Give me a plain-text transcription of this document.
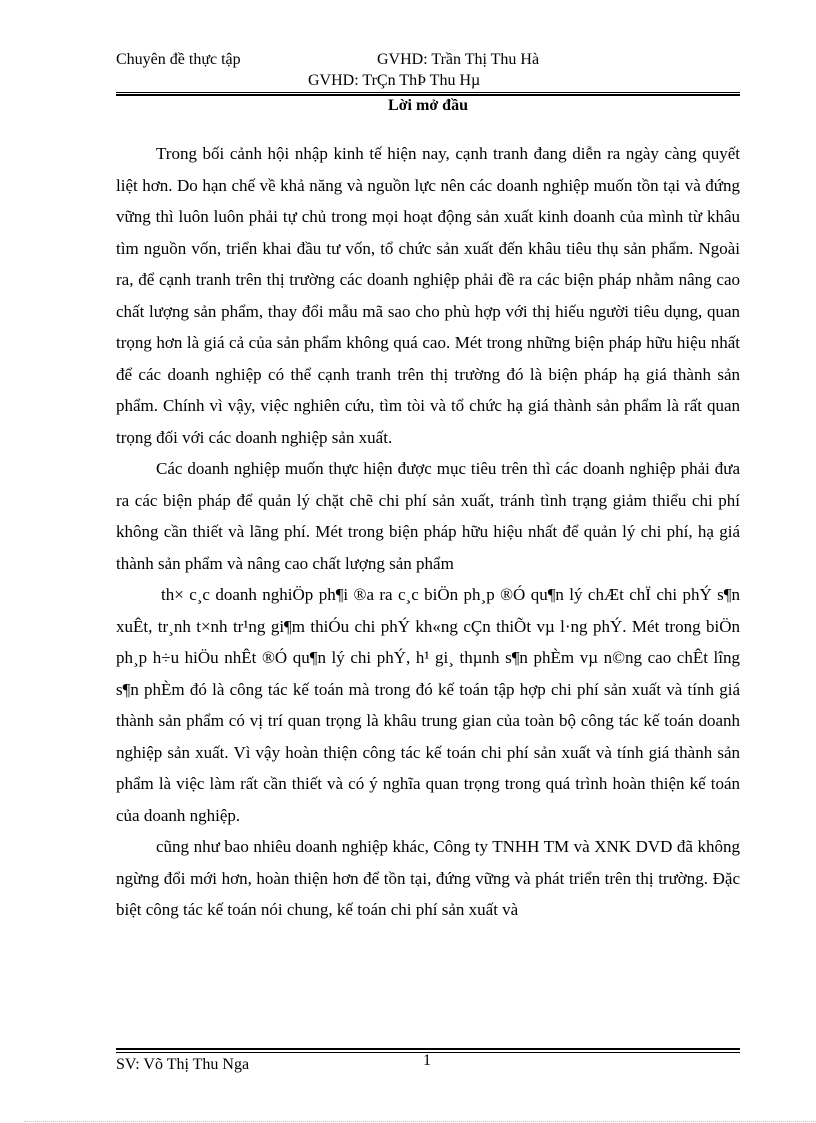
Chuyên đề thực tập	GVHD: Trần Thị Thu Hà
GVHD: TrÇn ThÞ Thu Hµ
Lời mở đầu

Trong bối cảnh hội nhập kinh tế hiện nay, cạnh tranh đang diễn ra ngày càng quyết liệt hơn. Do hạn chế về khả năng và nguồn lực nên các doanh nghiệp muốn tồn tại và đứng vững thì luôn luôn phải tự chủ trong mọi hoạt động sản xuất kinh doanh của mình từ khâu tìm nguồn vốn, triển khai đầu tư vốn, tổ chức sản xuất đến khâu tiêu thụ sản phẩm. Ngoài ra, để cạnh tranh trên thị trường các doanh nghiệp phải đề ra các biện pháp nhằm nâng cao chất lượng sản phẩm, thay đổi mẫu mã sao cho phù hợp với thị hiếu người tiêu dụng, quan trọng hơn là giá cả của sản phẩm không quá cao. Mét trong những biện pháp hữu hiệu nhất để các doanh nghiệp có thể cạnh tranh trên thị trường đó là biện pháp hạ giá thành sản phẩm. Chính vì vậy, việc nghiên cứu, tìm tòi và tổ chức hạ giá thành sản phẩm là rất quan trọng đối với các doanh nghiệp sản xuất.

Các doanh nghiệp muốn thực hiện được mục tiêu trên thì các doanh nghiệp phải đưa ra các biện pháp để quản lý chặt chẽ chi phí sản xuất, tránh tình trạng giảm thiểu chi phí không cần thiết và lãng phí. Mét trong biện pháp hữu hiệu nhất để quản lý chi phí, hạ giá thành sản phẩm và nâng cao chất lượng sản phẩm

th× c¸c doanh nghiÖp ph¶i ®a ra c¸c biÖn ph¸p ®Ó qu¶n lý chÆt chÏ chi phÝ s¶n xuÊt, tr¸nh t×nh tr¹ng gi¶m thiÓu chi phÝ kh«ng cÇn thiÕt vµ l·ng phÝ. Mét trong biÖn ph¸p h÷u hiÖu nhÊt ®Ó qu¶n lý chi phÝ, h¹ gi¸ thµnh s¶n phÈm vµ n©ng cao chÊt lîng s¶n phÈm đó là công tác kế toán mà trong đó kế toán tập hợp chi phí sản xuất và tính giá thành sản phẩm có vị trí quan trọng là khâu trung gian của toàn bộ công tác kế toán doanh nghiệp sản xuất. Vì vậy hoàn thiện công tác kế toán chi phí sản xuất và tính giá thành sản phẩm là việc làm rất cần thiết và có ý nghĩa quan trọng trong quá trình hoàn thiện kế toán của doanh nghiệp.

cũng như bao nhiêu doanh nghiệp khác, Công ty TNHH TM và XNK DVD đã không ngừng đổi mới hơn, hoàn thiện hơn để tồn tại, đứng vững và phát triển trên thị trường. Đặc biệt công tác kế toán nói chung, kế toán chi phí sản xuất và

SV: Võ Thị Thu Nga	1
